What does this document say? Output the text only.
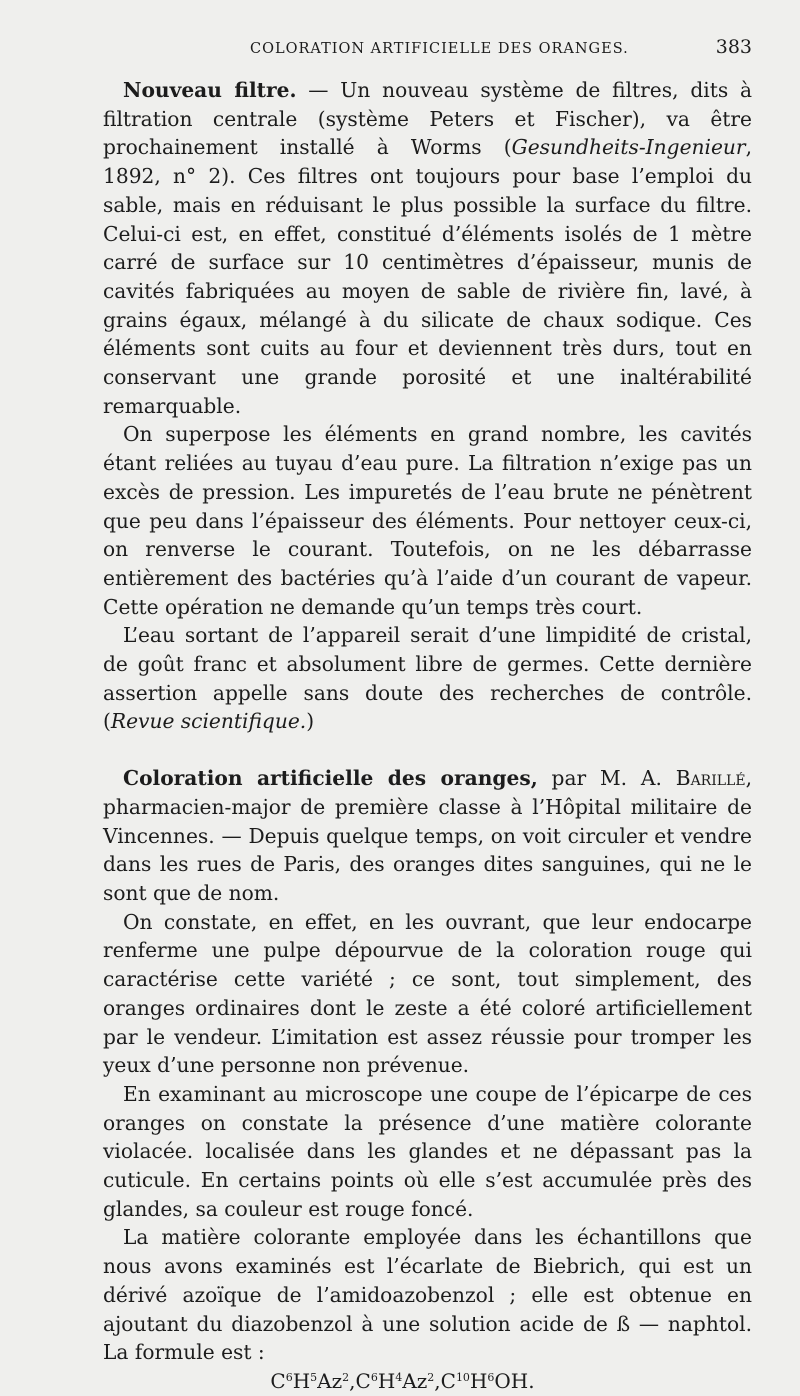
COLORATION ARTIFICIELLE DES ORANGES.	383

Nouveau filtre. — Un nouveau système de filtres, dits à filtration centrale (système Peters et Fischer), va être prochainement installé à Worms (Gesundheits-Ingenieur, 1892, n° 2). Ces filtres ont toujours pour base l’emploi du sable, mais en réduisant le plus possible la surface du filtre. Celui-ci est, en effet, constitué d’éléments isolés de 1 mètre carré de surface sur 10 centimètres d’épaisseur, munis de cavités fabriquées au moyen de sable de rivière fin, lavé, à grains égaux, mélangé à du silicate de chaux sodique. Ces éléments sont cuits au four et deviennent très durs, tout en conservant une grande porosité et une inaltérabilité remarquable.

On superpose les éléments en grand nombre, les cavités étant reliées au tuyau d’eau pure. La filtration n’exige pas un excès de pression. Les impuretés de l’eau brute ne pénètrent que peu dans l’épaisseur des éléments. Pour nettoyer ceux-ci, on renverse le courant. Toutefois, on ne les débarrasse entièrement des bactéries qu’à l’aide d’un courant de vapeur. Cette opération ne demande qu’un temps très court.

L’eau sortant de l’appareil serait d’une limpidité de cristal, de goût franc et absolument libre de germes. Cette dernière assertion appelle sans doute des recherches de contrôle. (Revue scientifique.)

Coloration artificielle des oranges, par M. A. Barillé, pharmacien-major de première classe à l’Hôpital militaire de Vincennes. — Depuis quelque temps, on voit circuler et vendre dans les rues de Paris, des oranges dites sanguines, qui ne le sont que de nom.

On constate, en effet, en les ouvrant, que leur endocarpe renferme une pulpe dépourvue de la coloration rouge qui caractérise cette variété ; ce sont, tout simplement, des oranges ordinaires dont le zeste a été coloré artificiellement par le vendeur. L’imitation est assez réussie pour tromper les yeux d’une personne non prévenue.

En examinant au microscope une coupe de l’épicarpe de ces oranges on constate la présence d’une matière colorante violacée. localisée dans les glandes et ne dépassant pas la cuticule. En certains points où elle s’est accumulée près des glandes, sa couleur est rouge foncé.

La matière colorante employée dans les échantillons que nous avons examinés est l’écarlate de Biebrich, qui est un dérivé azoïque de l’amidoazobenzol ; elle est obtenue en ajoutant du diazobenzol à une solution acide de ß — naphtol. La formule est :

$C^6H^5Az^2,C^6H^4Az^2,C^{10}H^6OH$.
